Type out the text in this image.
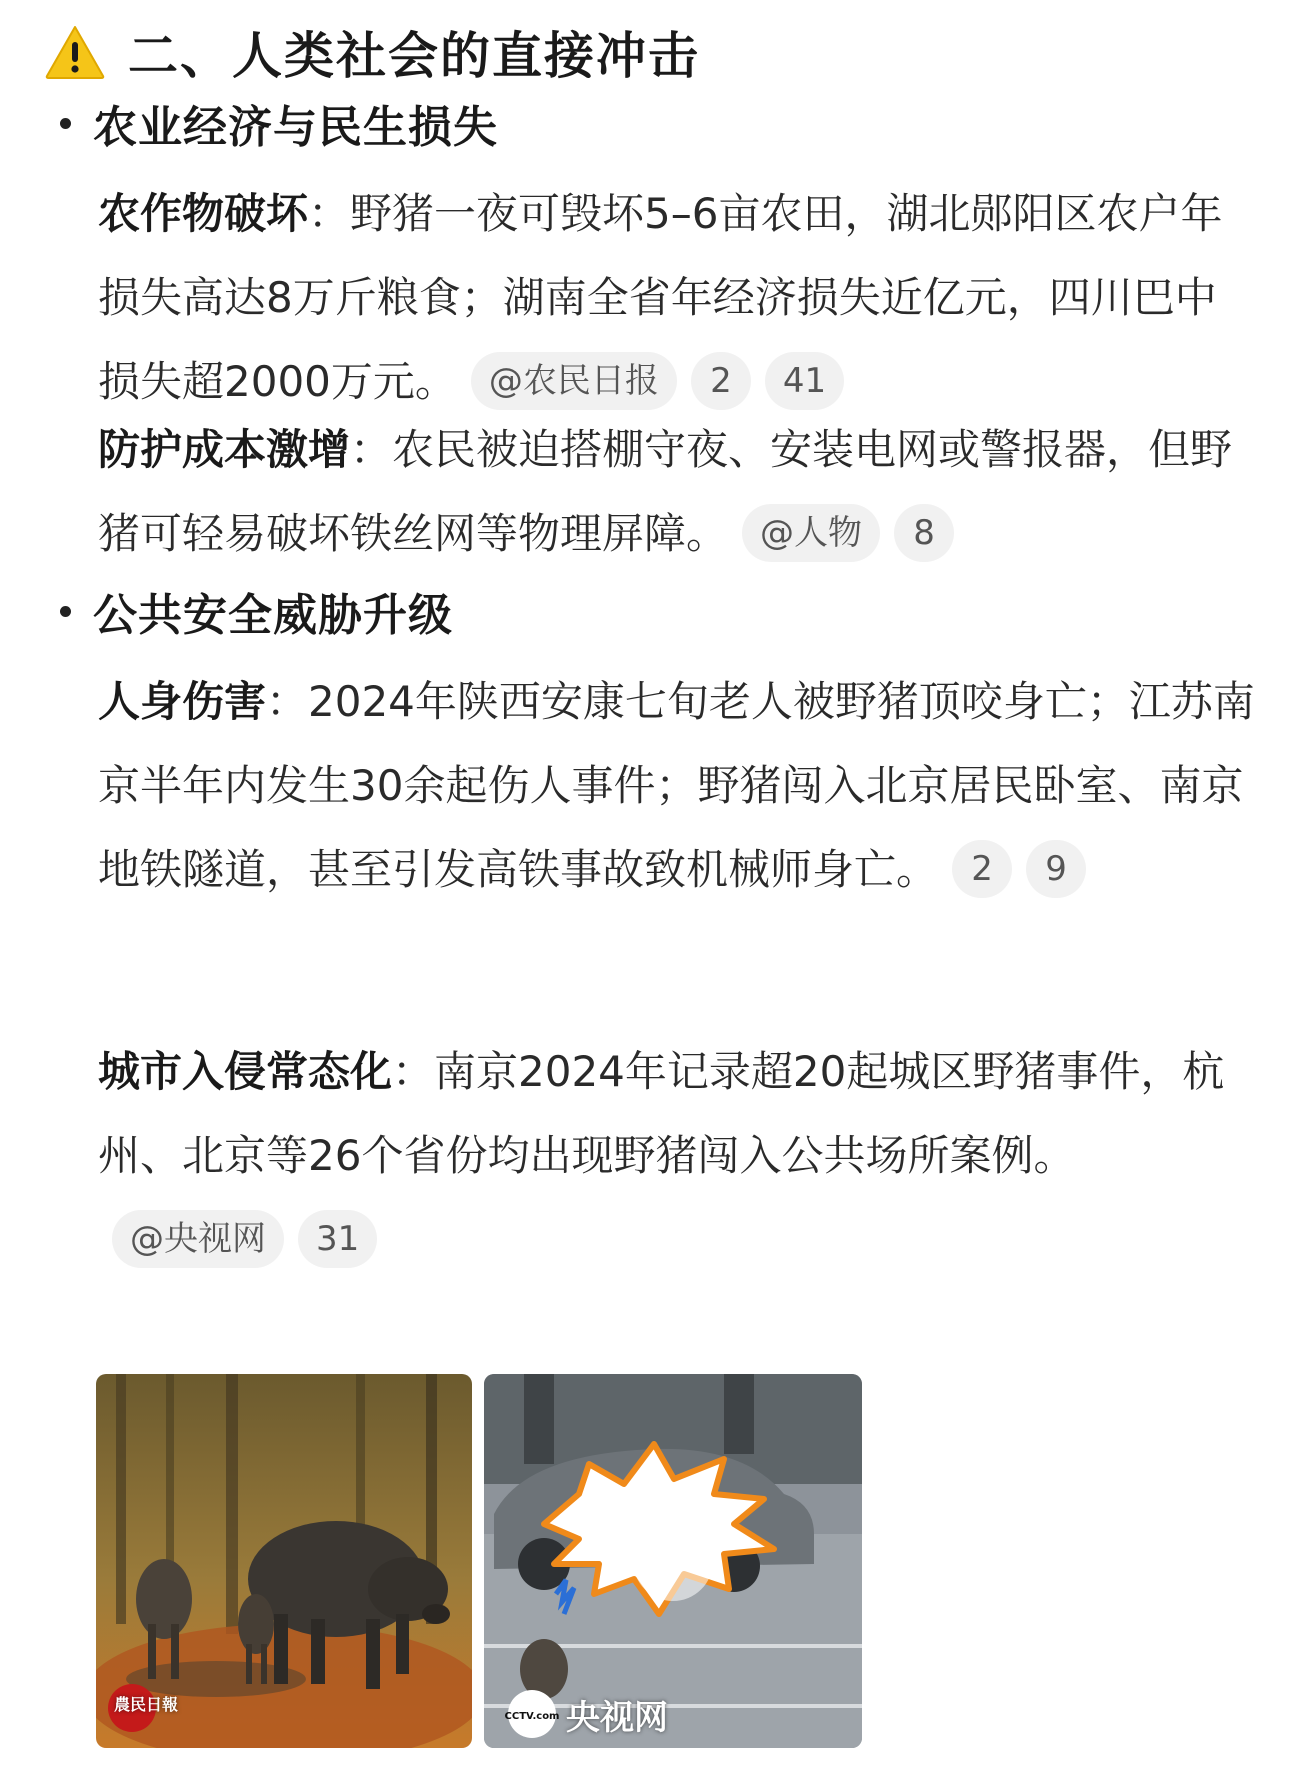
二、人类社会的直接冲击
农业经济与民生损失
农作物破坏：野猪一夜可毁坏5–6亩农田，湖北郧阳区农户年损失高达8万斤粮食；湖南全省年经济损失近亿元，四川巴中损失超2000万元。 @农民日报 2 41
防护成本激增：农民被迫搭棚守夜、安装电网或警报器，但野猪可轻易破坏铁丝网等物理屏障。 @人物 8
公共安全威胁升级
人身伤害：2024年陕西安康七旬老人被野猪顶咬身亡；江苏南京半年内发生30余起伤人事件；野猪闯入北京居民卧室、南京地铁隧道，甚至引发高铁事故致机械师身亡。 2 9
城市入侵常态化：南京2024年记录超20起城区野猪事件，杭州、北京等26个省份均出现野猪闯入公共场所案例。@央视网 31
農民日報
CCTV.com 央视网
